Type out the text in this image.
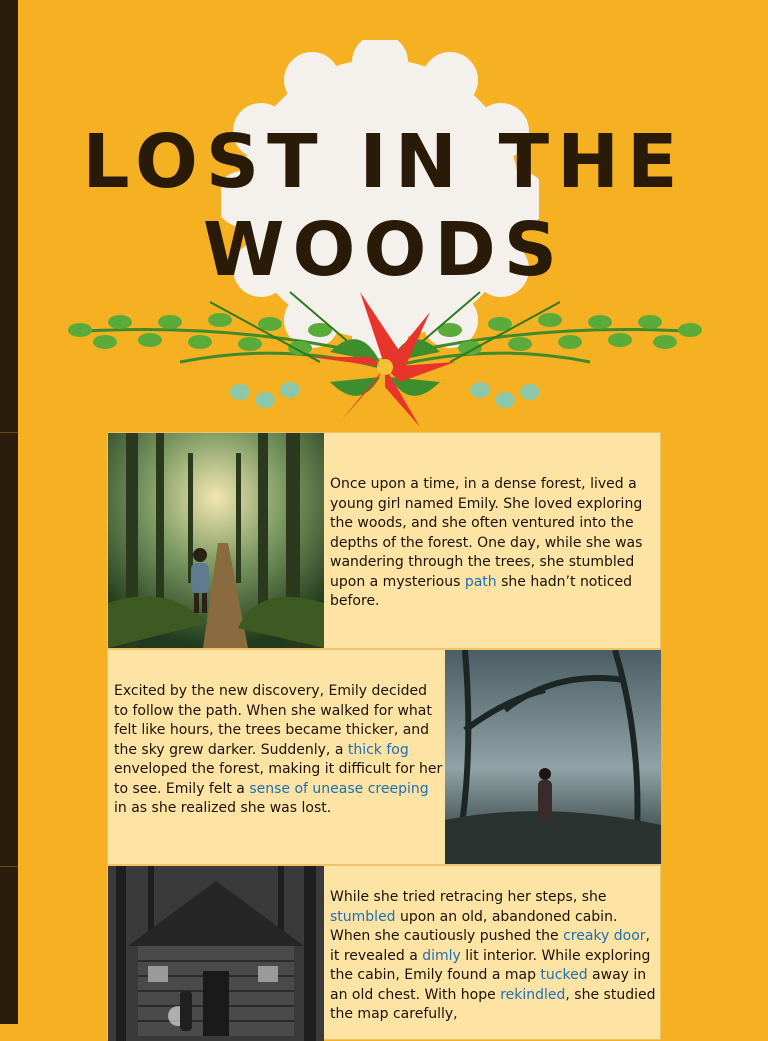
LOST IN THE
WOODS
Once upon a time, in a dense forest, lived a young girl named Emily. She loved exploring the woods, and she often ventured into the depths of the forest. One day, while she was wandering through the trees, she stumbled upon a mysterious path she hadn’t noticed before.
Excited by the new discovery, Emily decided to follow the path. When she walked for what felt like hours, the trees became thicker, and the sky grew darker. Suddenly, a thick fog enveloped the forest, making it difficult for her to see. Emily felt a sense of unease creeping in as she realized she was lost.
While she tried retracing her steps, she stumbled upon an old, abandoned cabin. When she cautiously pushed the creaky door, it revealed a dimly lit interior. While exploring the cabin, Emily found a map tucked away in an old chest. With hope rekindled, she studied the map carefully,
